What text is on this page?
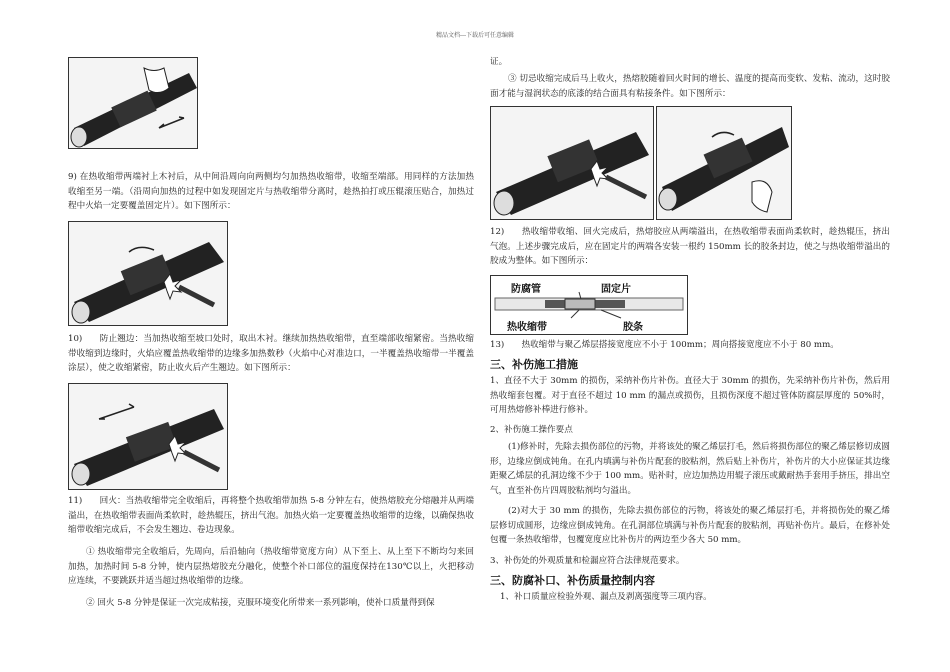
精品文档---下载后可任意编辑
9) 在热收缩带两端衬上木衬后，从中间沿周向向两侧均匀加热热收缩带，收缩至端部。用同样的方法加热收缩至另一端。（沿周向加热的过程中如发现固定片与热收缩带分离时，趁热拍打或压辊滚压贴合，加热过程中火焰一定要覆盖固定片）。如下图所示：
10)　　防止翘边：当加热收缩至坡口处时，取出木衬。继续加热热收缩带，直至端部收缩紧密。当热收缩带收缩到边缘时，火焰应覆盖热收缩带的边缘多加热数秒（火焰中心对准边口，一半覆盖热收缩带一半覆盖涂层），使之收缩紧密，防止收火后产生翘边。如下图所示：
11)　　回火：当热收缩带完全收缩后，再将整个热收缩带加热 5-8 分钟左右，使热熔胶充分熔融并从两端溢出，在热收缩带表面尚柔软时，趁热辊压，挤出气泡。加热火焰一定要覆盖热收缩带的边缘，以确保热收缩带收缩完成后，不会发生翘边、卷边现象。
① 热收缩带完全收缩后，先周向，后沿轴向（热收缩带宽度方向）从下至上、从上至下不断均匀来回加热，加热时间 5-8 分钟，使内层热熔胶充分融化，使整个补口部位的温度保持在130℃以上，火把移动应连续，不要跳跃并适当超过热收缩带的边缘。
② 回火 5-8 分钟是保证一次完成粘接，克服环境变化所带来一系列影响，使补口质量得到保
证。
③ 切忌收缩完成后马上收火，热熔胶随着回火时间的增长、温度的提高而变软、发粘、流动，这时胶面才能与湿润状态的底漆的结合面具有粘接条件。如下图所示：
12)　　热收缩带收缩、回火完成后，热熔胶应从两端溢出，在热收缩带表面尚柔软时，趁热辊压，挤出气泡。上述步骤完成后，应在固定片的两端各安装一根约 150mm 长的胶条封边，使之与热收缩带溢出的胶成为整体。如下图所示：
防腐管	固定片
热收缩带	胶条
13)　　热收缩带与聚乙烯层搭接宽度应不小于 100mm；周向搭接宽度应不小于 80 mm。
三、补伤施工措施
1、直径不大于 30mm 的损伤，采纳补伤片补伤。直径大于 30mm 的损伤，先采纳补伤片补伤，然后用热收缩套包覆。对于直径不超过 10 mm 的漏点或损伤，且损伤深度不超过管体防腐层厚度的 50%时，可用热熔修补棒进行修补。
2、补伤施工操作要点
(1)修补时，先除去损伤部位的污物，并将该处的聚乙烯层打毛，然后将损伤部位的聚乙烯层修切成圆形，边缘应倒成钝角。在孔内填满与补伤片配套的胶粘剂，然后贴上补伤片，补伤片的大小应保证其边缘距聚乙烯层的孔洞边缘不少于 100 mm。贴补时，应边加热边用辊子滚压或戴耐热手套用手挤压，排出空气，直至补伤片四周胶粘剂均匀溢出。
(2)对大于 30 mm 的损伤，先除去损伤部位的污物，将该处的聚乙烯层打毛，并将损伤处的聚乙烯层修切成圆形，边缘应倒成钝角。在孔洞部位填满与补伤片配套的胶粘剂，再贴补伤片。最后，在修补处包覆一条热收缩带，包覆宽度应比补伤片的两边至少各大 50 mm。
3、补伤处的外观质量和检漏应符合法律规范要求。
三、防腐补口、补伤质量控制内容
1、补口质量应检验外观、漏点及剥离强度等三项内容。
